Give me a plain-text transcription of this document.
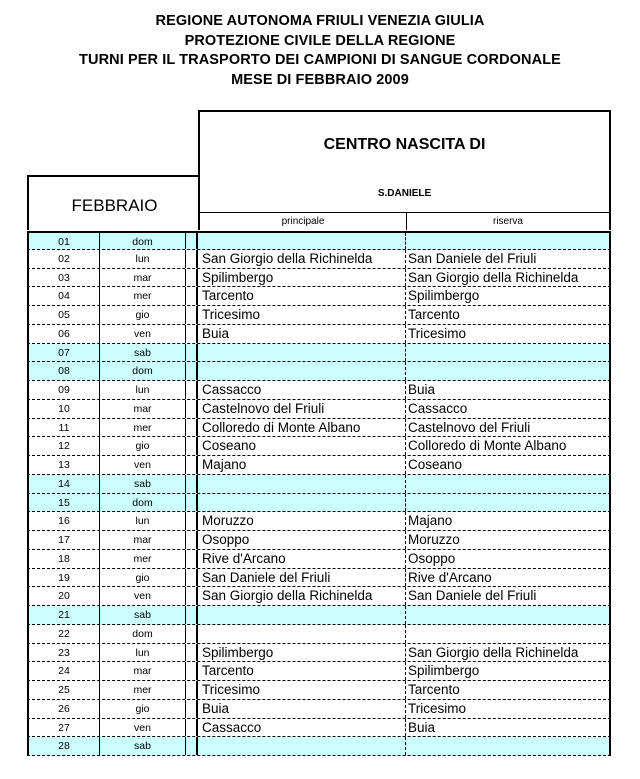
REGIONE AUTONOMA FRIULI VENEZIA GIULIA
PROTEZIONE CIVILE DELLA REGIONE
TURNI PER IL TRASPORTO DEI CAMPIONI DI SANGUE CORDONALE
MESE DI FEBBRAIO 2009
CENTRO NASCITA DI
S.DANIELE
FEBBRAIO
principale	riserva
01	dom
02	lun	San Giorgio della Richinelda	San Daniele del Friuli
03	mar	Spilimbergo	San Giorgio della Richinelda
04	mer	Tarcento	Spilimbergo
05	gio	Tricesimo	Tarcento
06	ven	Buia	Tricesimo
07	sab
08	dom
09	lun	Cassacco	Buia
10	mar	Castelnovo del Friuli	Cassacco
11	mer	Colloredo di Monte Albano	Castelnovo del Friuli
12	gio	Coseano	Colloredo di Monte Albano
13	ven	Majano	Coseano
14	sab
15	dom
16	lun	Moruzzo	Majano
17	mar	Osoppo	Moruzzo
18	mer	Rive d'Arcano	Osoppo
19	gio	San Daniele del Friuli	Rive d'Arcano
20	ven	San Giorgio della Richinelda	San Daniele del Friuli
21	sab
22	dom
23	lun	Spilimbergo	San Giorgio della Richinelda
24	mar	Tarcento	Spilimbergo
25	mer	Tricesimo	Tarcento
26	gio	Buia	Tricesimo
27	ven	Cassacco	Buia
28	sab
